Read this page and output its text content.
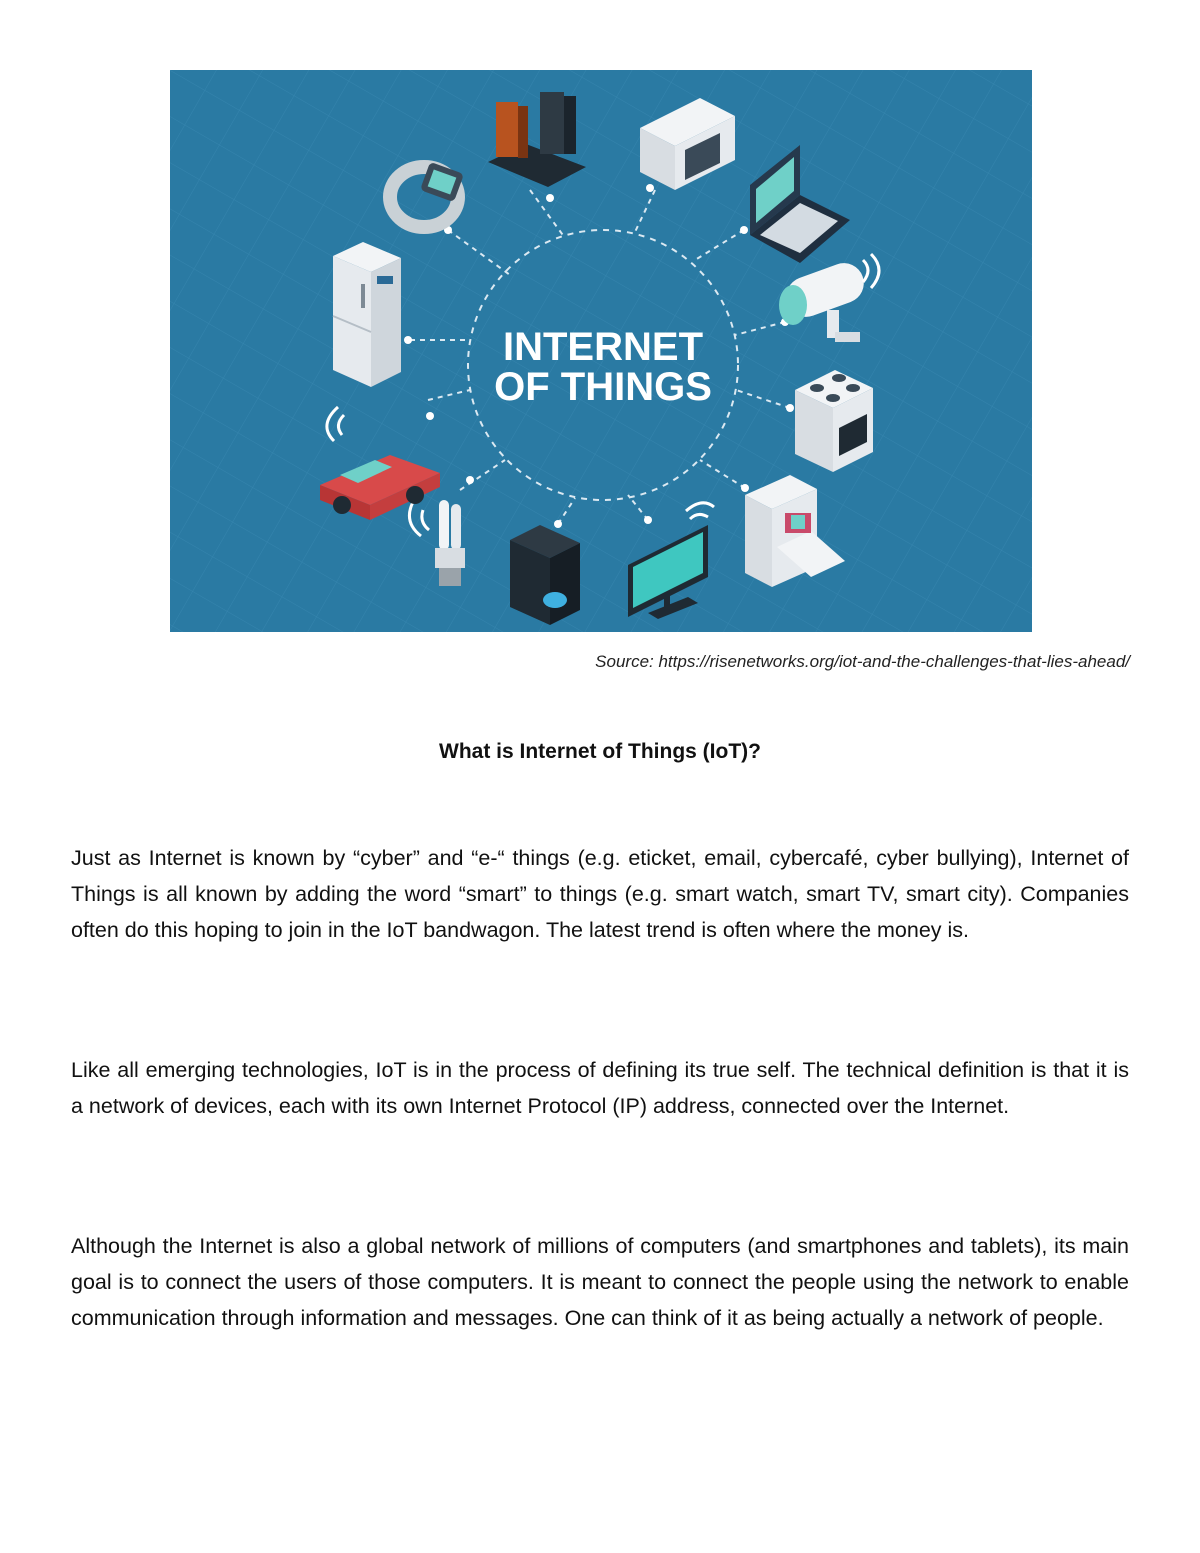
INTERNET
OF THINGS
Source: https://risenetworks.org/iot-and-the-challenges-that-lies-ahead/
What is Internet of Things (IoT)?

Just as Internet is known by “cyber” and “e-“ things (e.g. eticket, email, cybercafé, cyber bullying), Internet of Things is all known by adding the word “smart” to things (e.g. smart watch, smart TV, smart city). Companies often do this hoping to join in the IoT bandwagon. The latest trend is often where the money is.

Like all emerging technologies, IoT is in the process of defining its true self. The technical definition is that it is a network of devices, each with its own Internet Protocol (IP) address, connected over the Internet.

Although the Internet is also a global network of millions of computers (and smartphones and tablets), its main goal is to connect the users of those computers. It is meant to connect the people using the network to enable communication through information and messages. One can think of it as being actually a network of people.
